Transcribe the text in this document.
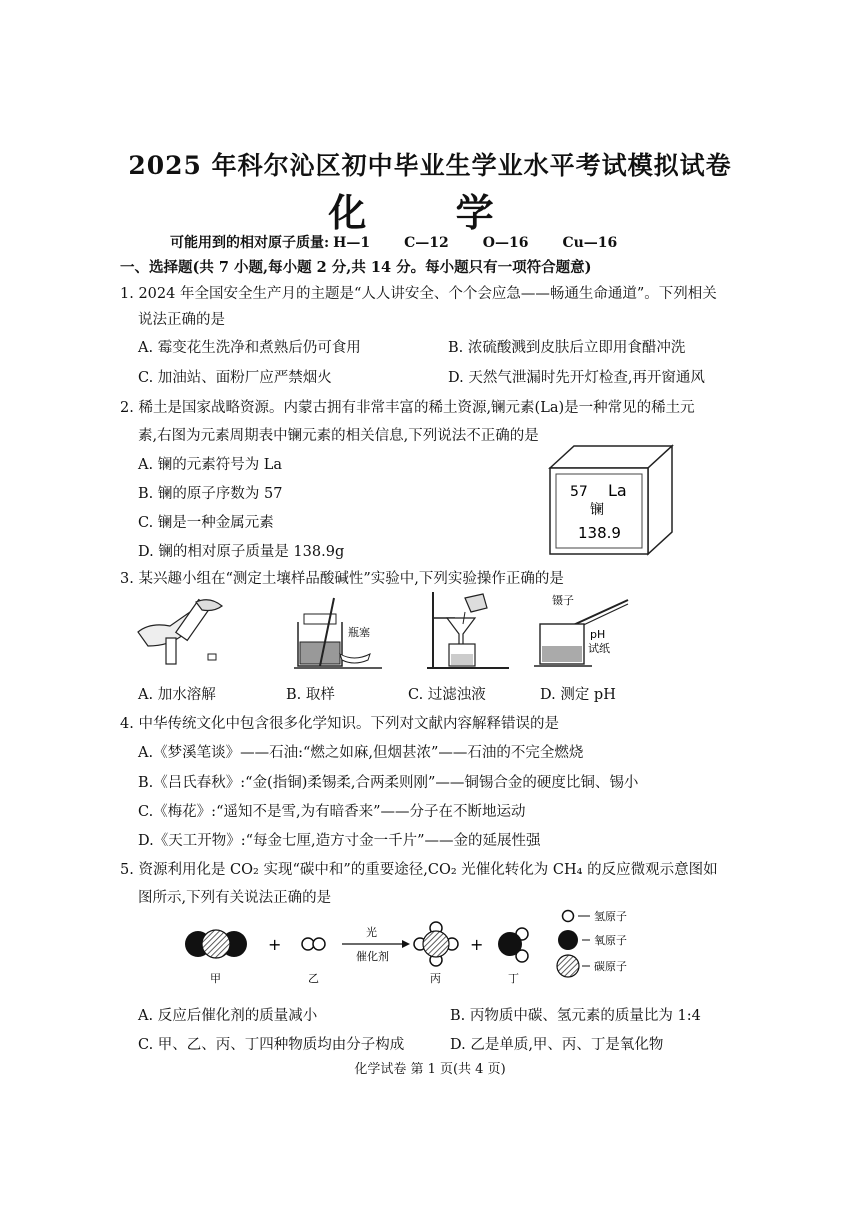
2025 年科尔沁区初中毕业生学业水平考试模拟试卷
化 学
可能用到的相对原子质量: H—1 C—12 O—16 Cu—16
一、选择题(共 7 小题,每小题 2 分,共 14 分。每小题只有一项符合题意)
1. 2024 年全国安全生产月的主题是“人人讲安全、个个会应急——畅通生命通道”。下列相关
说法正确的是
A. 霉变花生洗净和煮熟后仍可食用	B. 浓硫酸溅到皮肤后立即用食醋冲洗
C. 加油站、面粉厂应严禁烟火	D. 天然气泄漏时先开灯检查,再开窗通风
2. 稀土是国家战略资源。内蒙古拥有非常丰富的稀土资源,镧元素(La)是一种常见的稀土元
素,右图为元素周期表中镧元素的相关信息,下列说法不正确的是
A. 镧的元素符号为 La
B. 镧的原子序数为 57
C. 镧是一种金属元素
D. 镧的相对原子质量是 138.9g
57 La
镧
138.9
3. 某兴趣小组在“测定土壤样品酸碱性”实验中,下列实验操作正确的是
瓶塞
镊子
pH
试纸
A. 加水溶解	B. 取样	C. 过滤浊液	D. 测定 pH
4. 中华传统文化中包含很多化学知识。下列对文献内容解释错误的是
A.《梦溪笔谈》——石油:“燃之如麻,但烟甚浓”——石油的不完全燃烧
B.《吕氏春秋》:“金(指铜)柔锡柔,合两柔则刚”——铜锡合金的硬度比铜、锡小
C.《梅花》:“遥知不是雪,为有暗香来”——分子在不断地运动
D.《天工开物》:“每金七厘,造方寸金一千片”——金的延展性强
5. 资源利用化是 CO₂ 实现“碳中和”的重要途径,CO₂ 光催化转化为 CH₄ 的反应微观示意图如
图所示,下列有关说法正确的是
+
光
催化剂
+
甲	乙	丙	丁
氢原子
氧原子
碳原子
A. 反应后催化剂的质量减小	B. 丙物质中碳、氢元素的质量比为 1:4
C. 甲、乙、丙、丁四种物质均由分子构成	D. 乙是单质,甲、丙、丁是氧化物
化学试卷 第 1 页(共 4 页)
